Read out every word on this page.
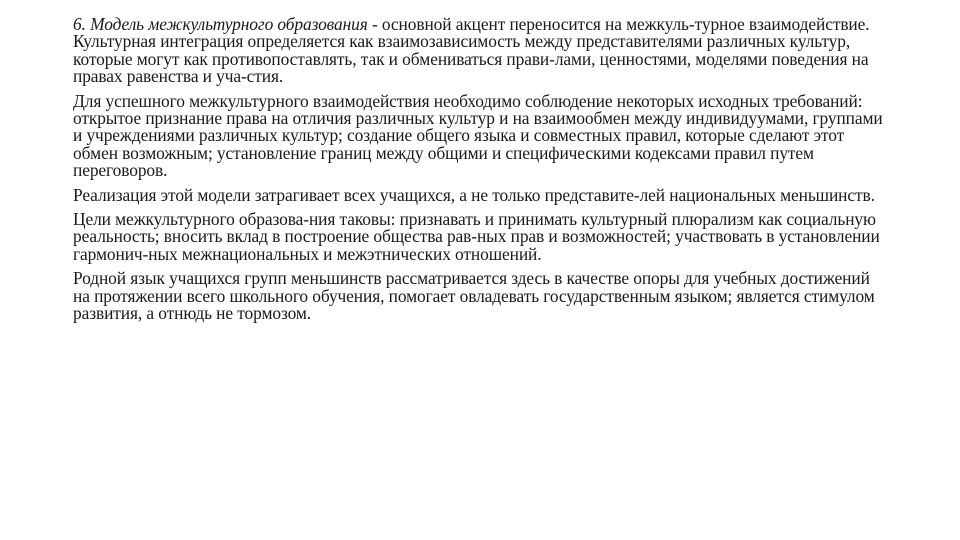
6. Модель межкультурного образования - основной акцент переносится на межкуль-турное взаимодействие. Культурная интеграция определяется как взаимозависимость между представителями различных культур, которые могут как противопоставлять, так и обмениваться прави-лами, ценностями, моделями поведения на правах равенства и уча-стия.

Для успешного межкультурного взаимодействия необходимо соблюдение некоторых исходных требований: открытое признание права на отличия различных культур и на взаимообмен между индивидуумами, группами и учреждениями различных культур; создание общего языка и совместных правил, которые сделают этот обмен возможным; установление границ между общими и специфическими кодексами правил путем переговоров.

Реализация этой модели затрагивает всех учащихся, а не только представите-лей национальных меньшинств.

Цели межкультурного образова-ния таковы: признавать и принимать культурный плюрализм как социальную реальность; вносить вклад в построение общества рав-ных прав и возможностей; участвовать в установлении гармонич-ных межнациональных и межэтнических отношений.

Родной язык учащихся групп меньшинств рассматривается здесь в качестве опоры для учебных достижений на протяжении всего школьного обучения, помогает овладевать государственным языком; является стимулом развития, а отнюдь не тормозом.
